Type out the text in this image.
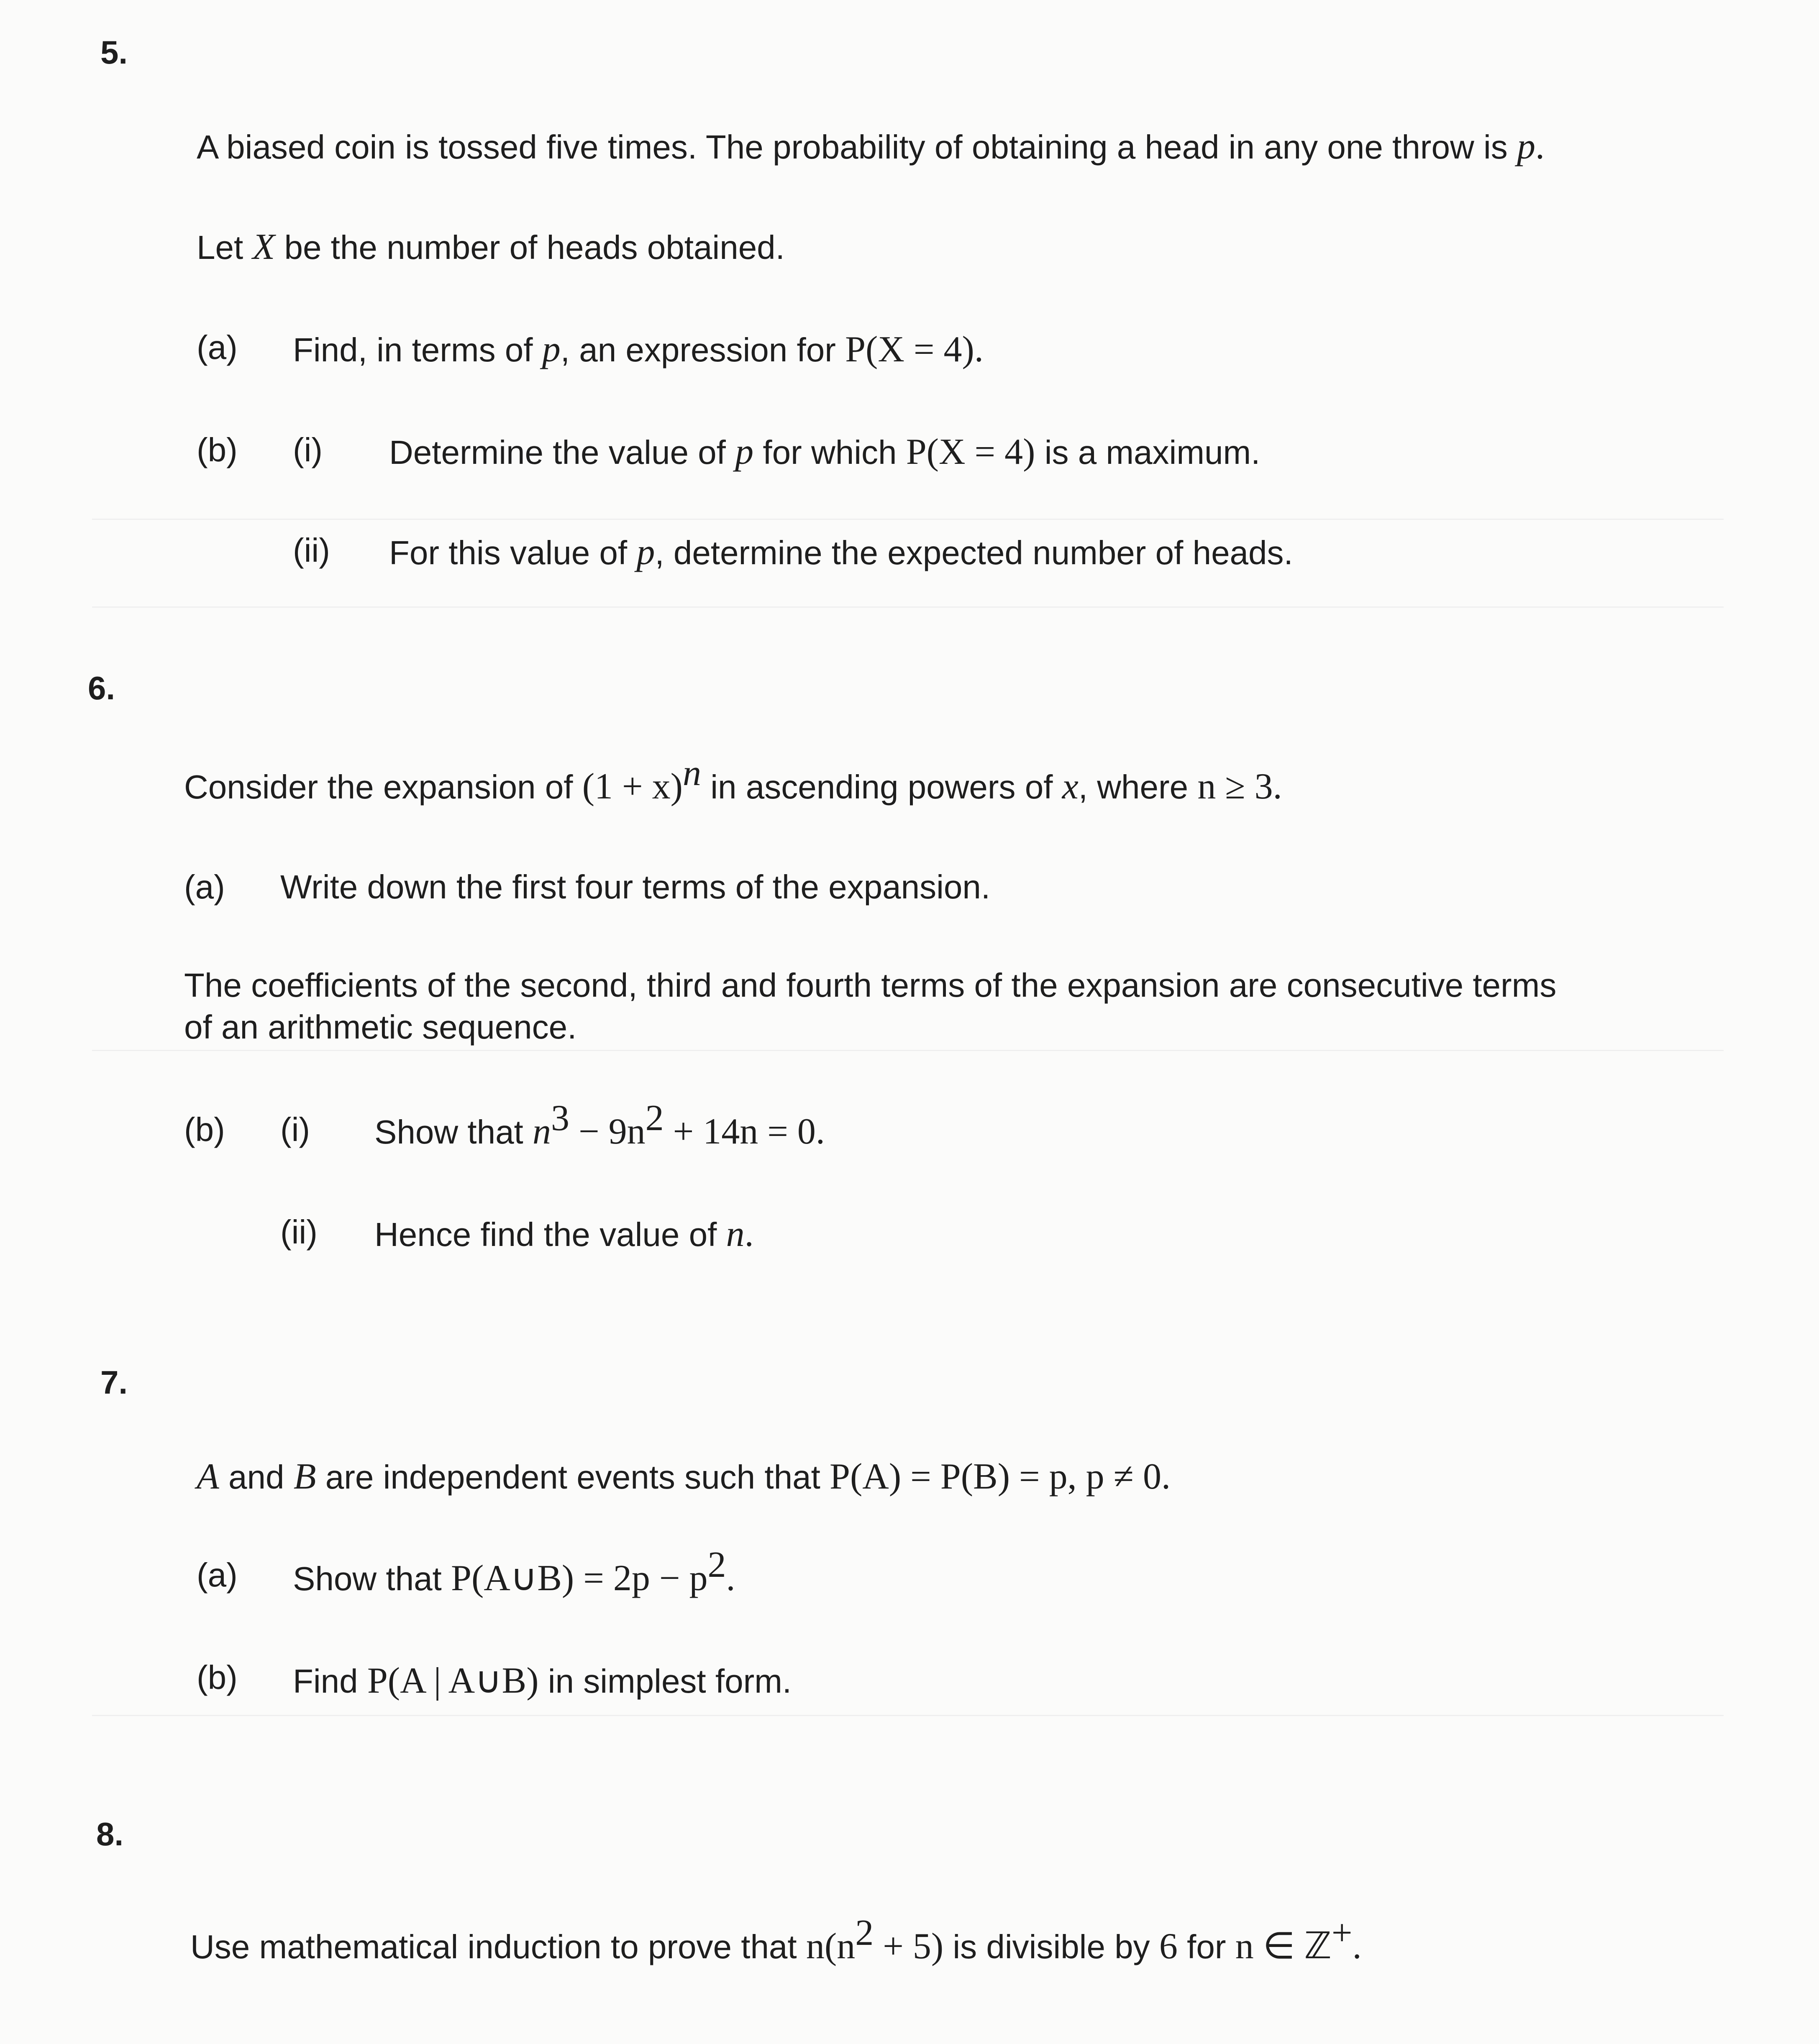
5.
A biased coin is tossed five times. The probability of obtaining a head in any one throw is p.
Let X be the number of heads obtained.
(a) Find, in terms of p, an expression for P(X = 4).
(b) (i) Determine the value of p for which P(X = 4) is a maximum.
(ii) For this value of p, determine the expected number of heads.
6.
Consider the expansion of $(1 + x)^n$ in ascending powers of x, where n ≥ 3.
(a) Write down the first four terms of the expansion.
The coefficients of the second, third and fourth terms of the expansion are consecutive terms
of an arithmetic sequence.
(b) (i) Show that $n^3 - 9n^2 + 14n = 0$.
(ii) Hence find the value of n.
7.
A and B are independent events such that P(A) = P(B) = p, p ≠ 0.
(a) Show that P(A∪B) = $2p - p^2$.
(b) Find P(A | A∪B) in simplest form.
8.
Use mathematical induction to prove that $n(n^2 + 5)$ is divisible by 6 for n ∈ ℤ+.
